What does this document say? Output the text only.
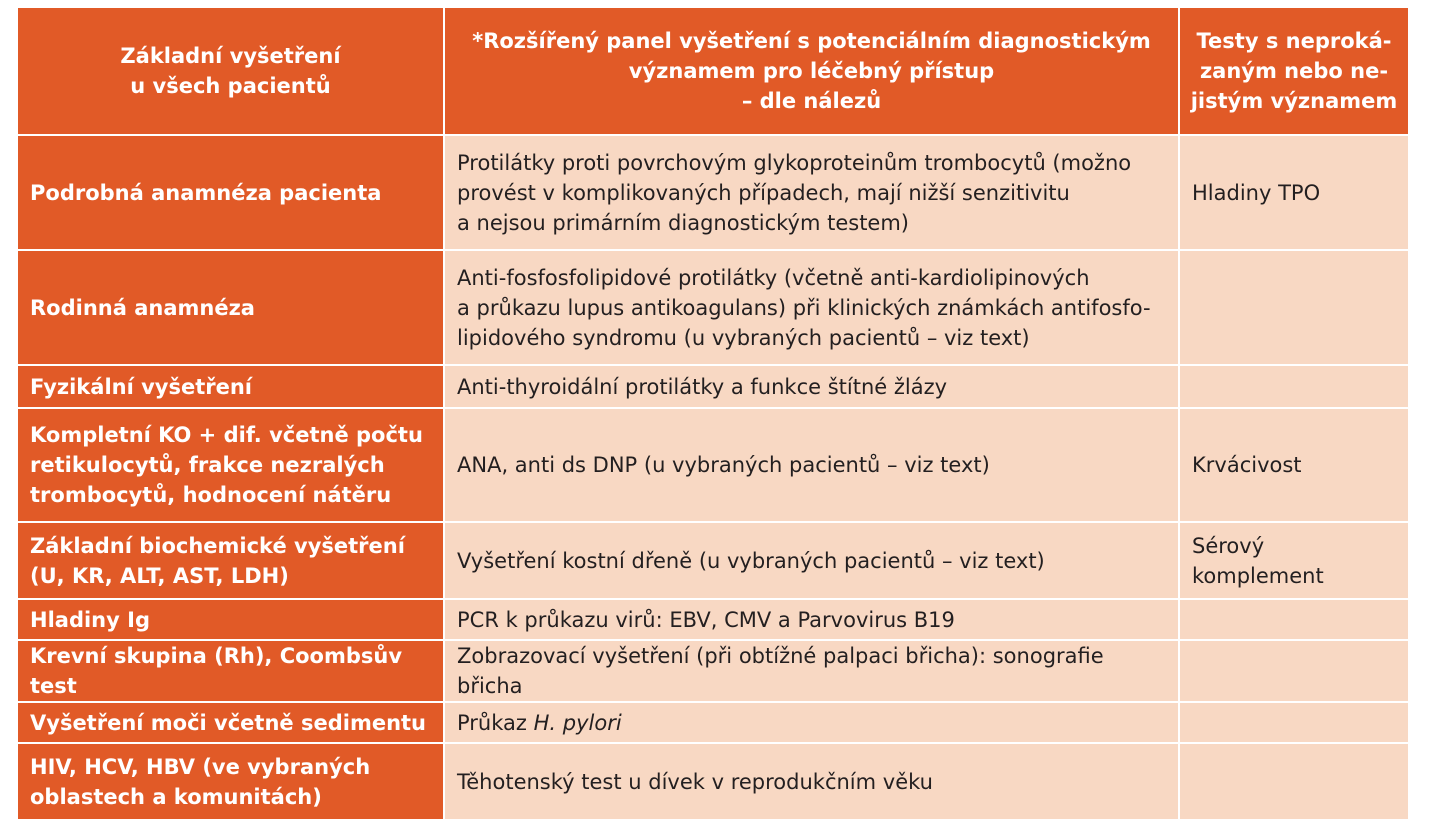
Základní vyšetření
u všech pacientů	*Rozšířený panel vyšetření s potenciálním diagnostickým
významem pro léčebný přístup
– dle nálezů	Testy s neproká-
zaným nebo ne-
jistým významem
Podrobná anamnéza pacienta	Protilátky proti povrchovým glykoproteinům trombocytů (možno
provést v komplikovaných případech, mají nižší senzitivitu
a nejsou primárním diagnostickým testem)	Hladiny TPO
Rodinná anamnéza	Anti-fosfosfolipidové protilátky (včetně anti-kardiolipinových
a průkazu lupus antikoagulans) při klinických známkách antifosfo-
lipidového syndromu (u vybraných pacientů – viz text)	
Fyzikální vyšetření	Anti-thyroidální protilátky a funkce štítné žlázy	
Kompletní KO + dif. včetně počtu
retikulocytů, frakce nezralých
trombocytů, hodnocení nátěru	ANA, anti ds DNP (u vybraných pacientů – viz text)	Krvácivost
Základní biochemické vyšetření
(U, KR, ALT, AST, LDH)	Vyšetření kostní dřeně (u vybraných pacientů – viz text)	Sérový
komplement
Hladiny Ig	PCR k průkazu virů: EBV, CMV a Parvovirus B19	
Krevní skupina (Rh), Coombsův test	Zobrazovací vyšetření (při obtížné palpaci břicha): sonografie břicha	
Vyšetření moči včetně sedimentu	Průkaz H. pylori	
HIV, HCV, HBV (ve vybraných
oblastech a komunitách)	Těhotenský test u dívek v reprodukčním věku	
